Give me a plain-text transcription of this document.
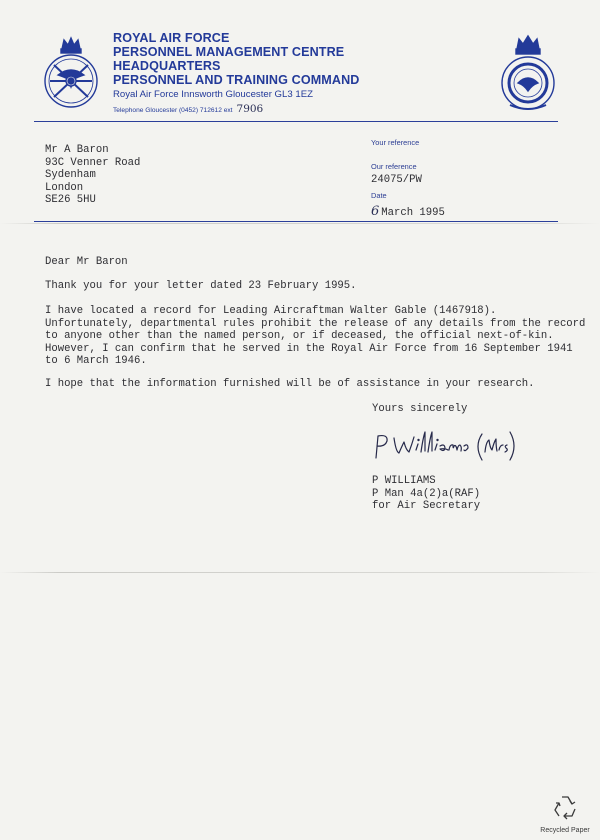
ROYAL AIR FORCE
PERSONNEL MANAGEMENT CENTRE
HEADQUARTERS
PERSONNEL AND TRAINING COMMAND
Royal Air Force Innsworth Gloucester GL3 1EZ
Telephone Gloucester (0452) 712612 ext 7906
Mr A Baron
93C Venner Road
Sydenham
London
SE26 5HU
Your reference
Our reference
24075/PW
Date
6 March 1995
Dear Mr Baron
Thank you for your letter dated 23 February 1995.
I have located a record for Leading Aircraftman Walter Gable (1467918).
Unfortunately, departmental rules prohibit the release of any details from the record
to anyone other than the named person, or if deceased, the official next-of-kin.
However, I can confirm that he served in the Royal Air Force from 16 September 1941
to 6 March 1946.
I hope that the information furnished will be of assistance in your research.
Yours sincerely
P WILLIAMS
P Man 4a(2)a(RAF)
for Air Secretary
Recycled Paper
